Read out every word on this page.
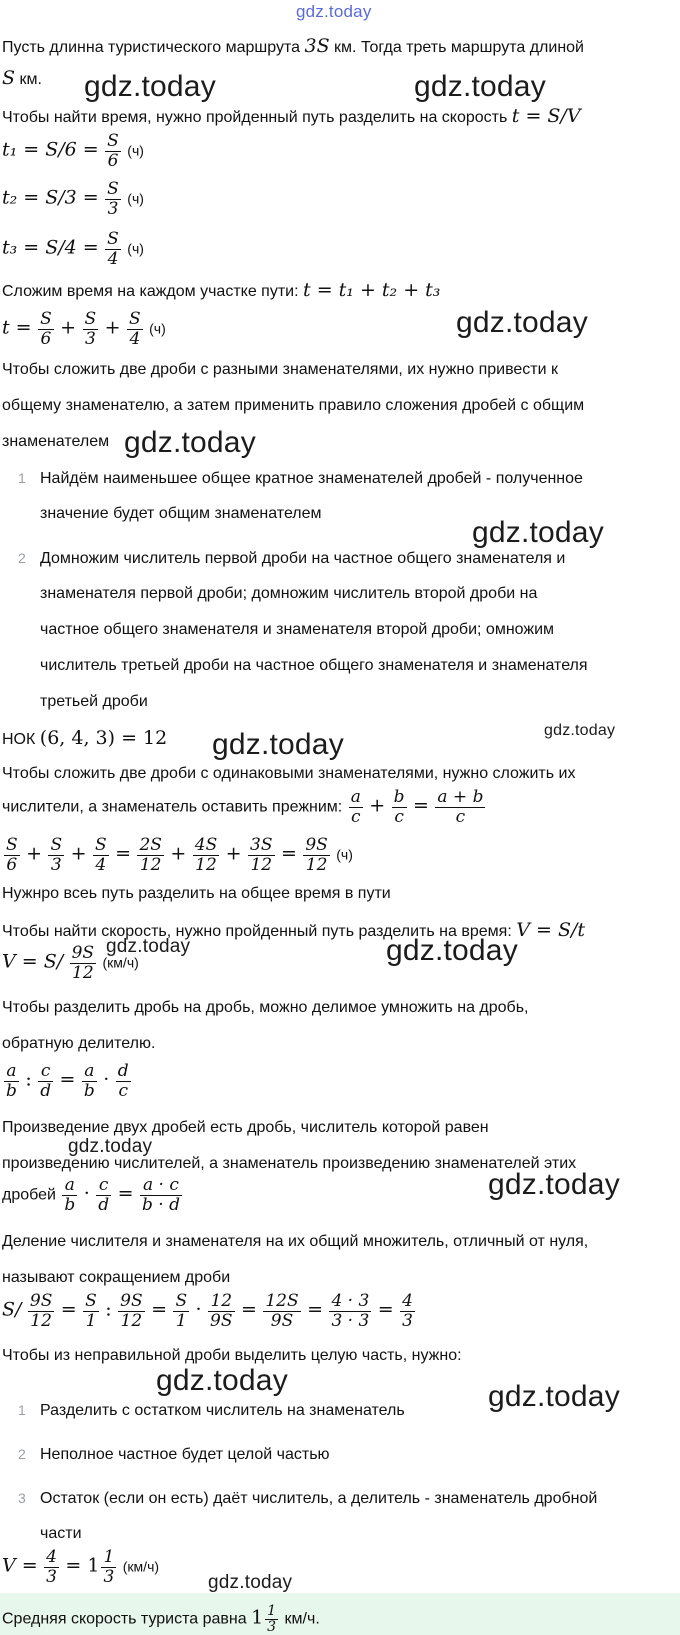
gdz.today
Пусть длинна туристического маршрута 3S км. Тогда треть маршрута длиной
S км.
Чтобы найти время, нужно пройденный путь разделить на скорость t = S/V
$t_1 = S/6 = \frac{S}{6} (ч)$
$t_2 = S/3 = \frac{S}{3} (ч)$
$t_3 = S/4 = \frac{S}{4} (ч)$
Сложим время на каждом участке пути: t = t₁ + t₂ + t₃
$t = \frac{S}{6} + \frac{S}{3} + \frac{S}{4} (ч)$
Чтобы сложить две дроби с разными знаменателями, их нужно привести к
общему знаменателю, а затем применить правило сложения дробей с общим
знаменателем
1 Найдём наименьшее общее кратное знаменателей дробей - полученное
значение будет общим знаменателем
2 Домножим числитель первой дроби на частное общего знаменателя и
знаменателя первой дроби; домножим числитель второй дроби на
частное общего знаменателя и знаменателя второй дроби; омножим
числитель третьей дроби на частное общего знаменателя и знаменателя
третьей дроби
НОК (6, 4, 3) = 12
Чтобы сложить две дроби с одинаковыми знаменателями, нужно сложить их
числители, а знаменатель оставить прежним: $\frac{a}{c} + \frac{b}{c} = \frac{a + b}{c}$
$\frac{S}{6} + \frac{S}{3} + \frac{S}{4} = \frac{2S}{12} + \frac{4S}{12} + \frac{3S}{12} = \frac{9S}{12} (ч)$
Нужнро всеь путь разделить на общее время в пути
Чтобы найти скорость, нужно пройденный путь разделить на время: V = S/t
$V = S/ \frac{9S}{12} (км/ч)$
Чтобы разделить дробь на дробь, можно делимое умножить на дробь,
обратную делителю.
$\frac{a}{b}$ : $\frac{c}{d} = \frac{a}{b} \cdot \frac{d}{c}$
Произведение двух дробей есть дробь, числитель которой равен
произведению числителей, а знаменатель произведению знаменателей этих
дробей $\frac{a}{b} \cdot \frac{c}{d} = \frac{a \cdot c}{b \cdot d}$
Деление числителя и знаменателя на их общий множитель, отличный от нуля,
называют сокращением дроби
$S/ \frac{9S}{12} = \frac{S}{1}$ : $\frac{9S}{12} = \frac{S}{1} \cdot \frac{12}{9S} = \frac{12S}{9S} = \frac{4 \cdot 3}{3 \cdot 3} = \frac{4}{3}$
Чтобы из неправильной дроби выделить целую часть, нужно:
1 Разделить с остатком числитель на знаменатель
2 Неполное частное будет целой частью
3 Остаток (если он есть) даёт числитель, а делитель - знаменатель дробной
части
$V = \frac{4}{3} = 1 \frac{1}{3} (км/ч)$
Средняя скорость туриста равна $1 \frac{1}{3} км/ч$.
gdz.today	gdz.today
gdz.today
gdz.today
gdz.today
gdz.today	gdz.today
gdz.today	gdz.today
gdz.today
gdz.today
gdz.today	gdz.today
gdz.today
